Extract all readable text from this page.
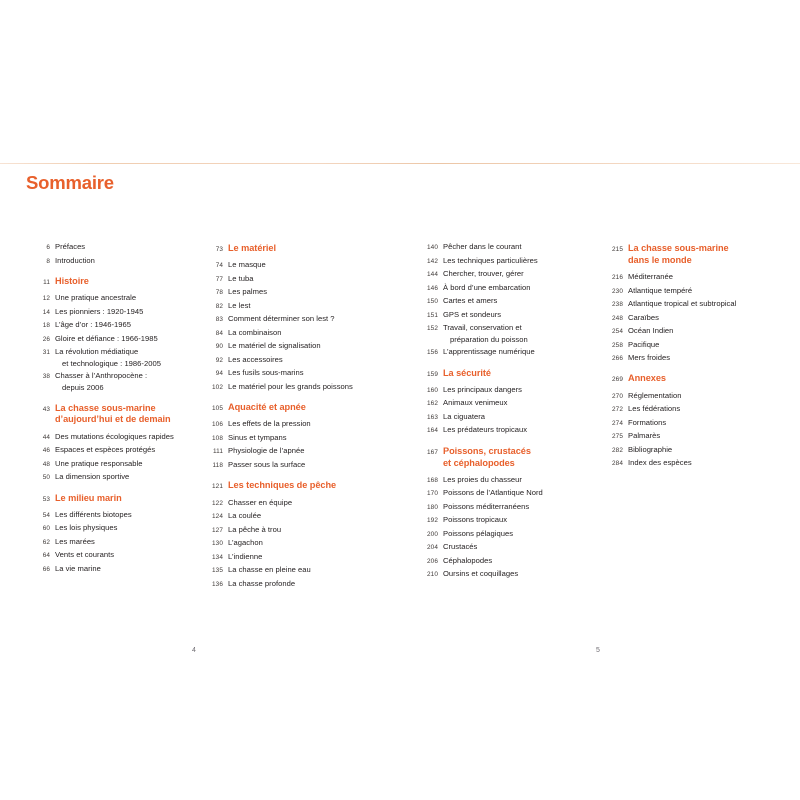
Sommaire
6 Préfaces
8 Introduction
11 Histoire
12 Une pratique ancestrale
14 Les pionniers : 1920-1945
18 L’âge d’or : 1946-1965
26 Gloire et défiance : 1966-1985
31 La révolution médiatique
et technologique : 1986-2005
38 Chasser à l’Anthropocène :
depuis 2006
43 La chasse sous-marine
d’aujourd’hui et de demain
44 Des mutations écologiques rapides
46 Espaces et espèces protégés
48 Une pratique responsable
50 La dimension sportive
53 Le milieu marin
54 Les différents biotopes
60 Les lois physiques
62 Les marées
64 Vents et courants
66 La vie marine
73 Le matériel
74 Le masque
77 Le tuba
78 Les palmes
82 Le lest
83 Comment déterminer son lest ?
84 La combinaison
90 Le matériel de signalisation
92 Les accessoires
94 Les fusils sous-marins
102 Le matériel pour les grands poissons
105 Aquacité et apnée
106 Les effets de la pression
108 Sinus et tympans
111 Physiologie de l’apnée
118 Passer sous la surface
121 Les techniques de pêche
122 Chasser en équipe
124 La coulée
127 La pêche à trou
130 L’agachon
134 L’indienne
135 La chasse en pleine eau
136 La chasse profonde
140 Pêcher dans le courant
142 Les techniques particulières
144 Chercher, trouver, gérer
146 À bord d’une embarcation
150 Cartes et amers
151 GPS et sondeurs
152 Travail, conservation et
préparation du poisson
156 L’apprentissage numérique
159 La sécurité
160 Les principaux dangers
162 Animaux venimeux
163 La ciguatera
164 Les prédateurs tropicaux
167 Poissons, crustacés
et céphalopodes
168 Les proies du chasseur
170 Poissons de l’Atlantique Nord
180 Poissons méditerranéens
192 Poissons tropicaux
200 Poissons pélagiques
204 Crustacés
206 Céphalopodes
210 Oursins et coquillages
215 La chasse sous-marine
dans le monde
216 Méditerranée
230 Atlantique tempéré
238 Atlantique tropical et subtropical
248 Caraïbes
254 Océan Indien
258 Pacifique
266 Mers froides
269 Annexes
270 Réglementation
272 Les fédérations
274 Formations
275 Palmarès
282 Bibliographie
284 Index des espèces
4	5
